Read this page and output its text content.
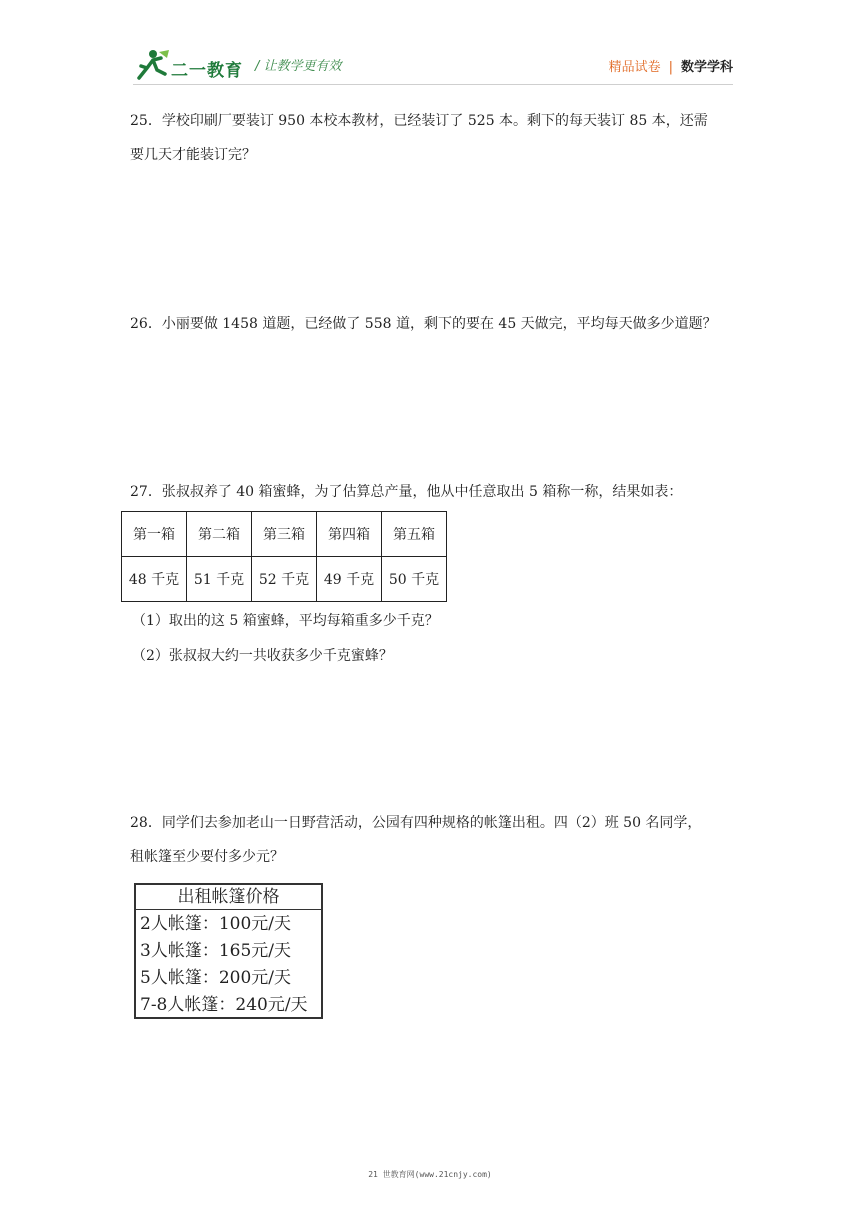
二一教育 / 让教学更有效	精品试卷 | 数学学科

25．学校印刷厂要装订 950 本校本教材，已经装订了 525 本。剩下的每天装订 85 本，还需

要几天才能装订完？

26．小丽要做 1458 道题，已经做了 558 道，剩下的要在 45 天做完，平均每天做多少道题？

27．张叔叔养了 40 箱蜜蜂，为了估算总产量，他从中任意取出 5 箱称一称，结果如表：

第一箱	第二箱	第三箱	第四箱	第五箱
48 千克	51 千克	52 千克	49 千克	50 千克
（1）取出的这 5 箱蜜蜂，平均每箱重多少千克？
（2）张叔叔大约一共收获多少千克蜜蜂？

28．同学们去参加老山一日野营活动，公园有四种规格的帐篷出租。四（2）班 50 名同学，

租帐篷至少要付多少元？

出租帐篷价格
2人帐篷：100元/天
3人帐篷：165元/天
5人帐篷：200元/天
7-8人帐篷：240元/天
21 世教育网(www.21cnjy.com)
